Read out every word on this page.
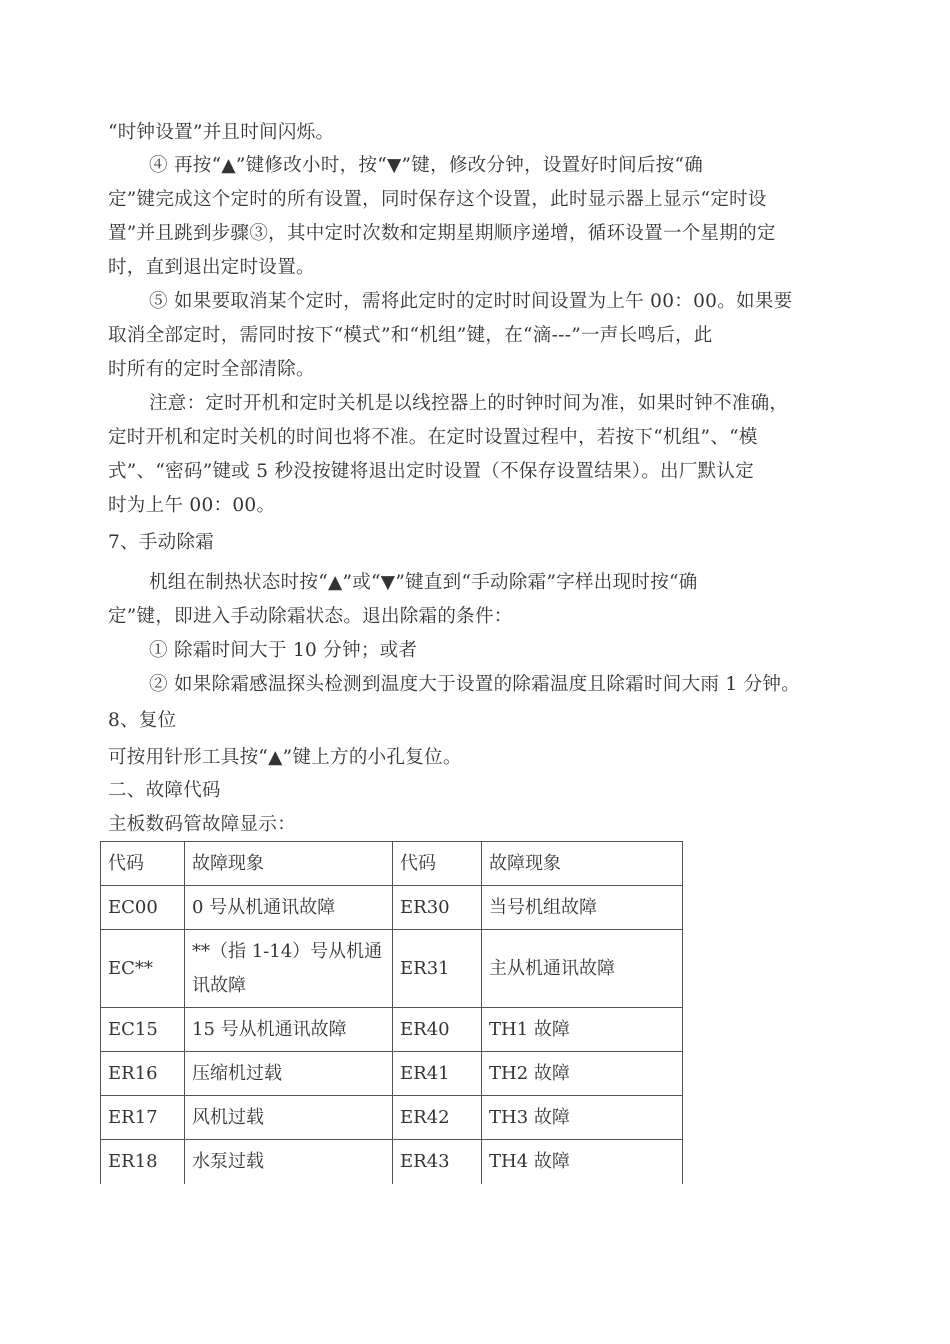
“时钟设置”并且时间闪烁。
④ 再按“▲”键修改小时，按“▼”键，修改分钟，设置好时间后按“确
定”键完成这个定时的所有设置，同时保存这个设置，此时显示器上显示“定时设
置”并且跳到步骤③，其中定时次数和定期星期顺序递增，循环设置一个星期的定
时，直到退出定时设置。
⑤ 如果要取消某个定时，需将此定时的定时时间设置为上午 00：00。如果要
取消全部定时，需同时按下“模式”和“机组”键，在“滴---”一声长鸣后，此
时所有的定时全部清除。
注意：定时开机和定时关机是以线控器上的时钟时间为准，如果时钟不准确，
定时开机和定时关机的时间也将不准。在定时设置过程中，若按下“机组”、“模
式”、“密码”键或 5 秒没按键将退出定时设置（不保存设置结果）。出厂默认定
时为上午 00：00。
7、手动除霜
机组在制热状态时按“▲”或“▼”键直到“手动除霜”字样出现时按“确
定”键，即进入手动除霜状态。退出除霜的条件：
① 除霜时间大于 10 分钟；或者
② 如果除霜感温探头检测到温度大于设置的除霜温度且除霜时间大雨 1 分钟。
8、复位
可按用针形工具按“▲”键上方的小孔复位。
二、故障代码
主板数码管故障显示：
代码	故障现象	代码	故障现象
EC00	0 号从机通讯故障	ER30	当号机组故障
EC**	**（指 1-14）号从机通讯故障	ER31	主从机通讯故障
EC15	15 号从机通讯故障	ER40	TH1 故障
ER16	压缩机过载	ER41	TH2 故障
ER17	风机过载	ER42	TH3 故障
ER18	水泵过载	ER43	TH4 故障
